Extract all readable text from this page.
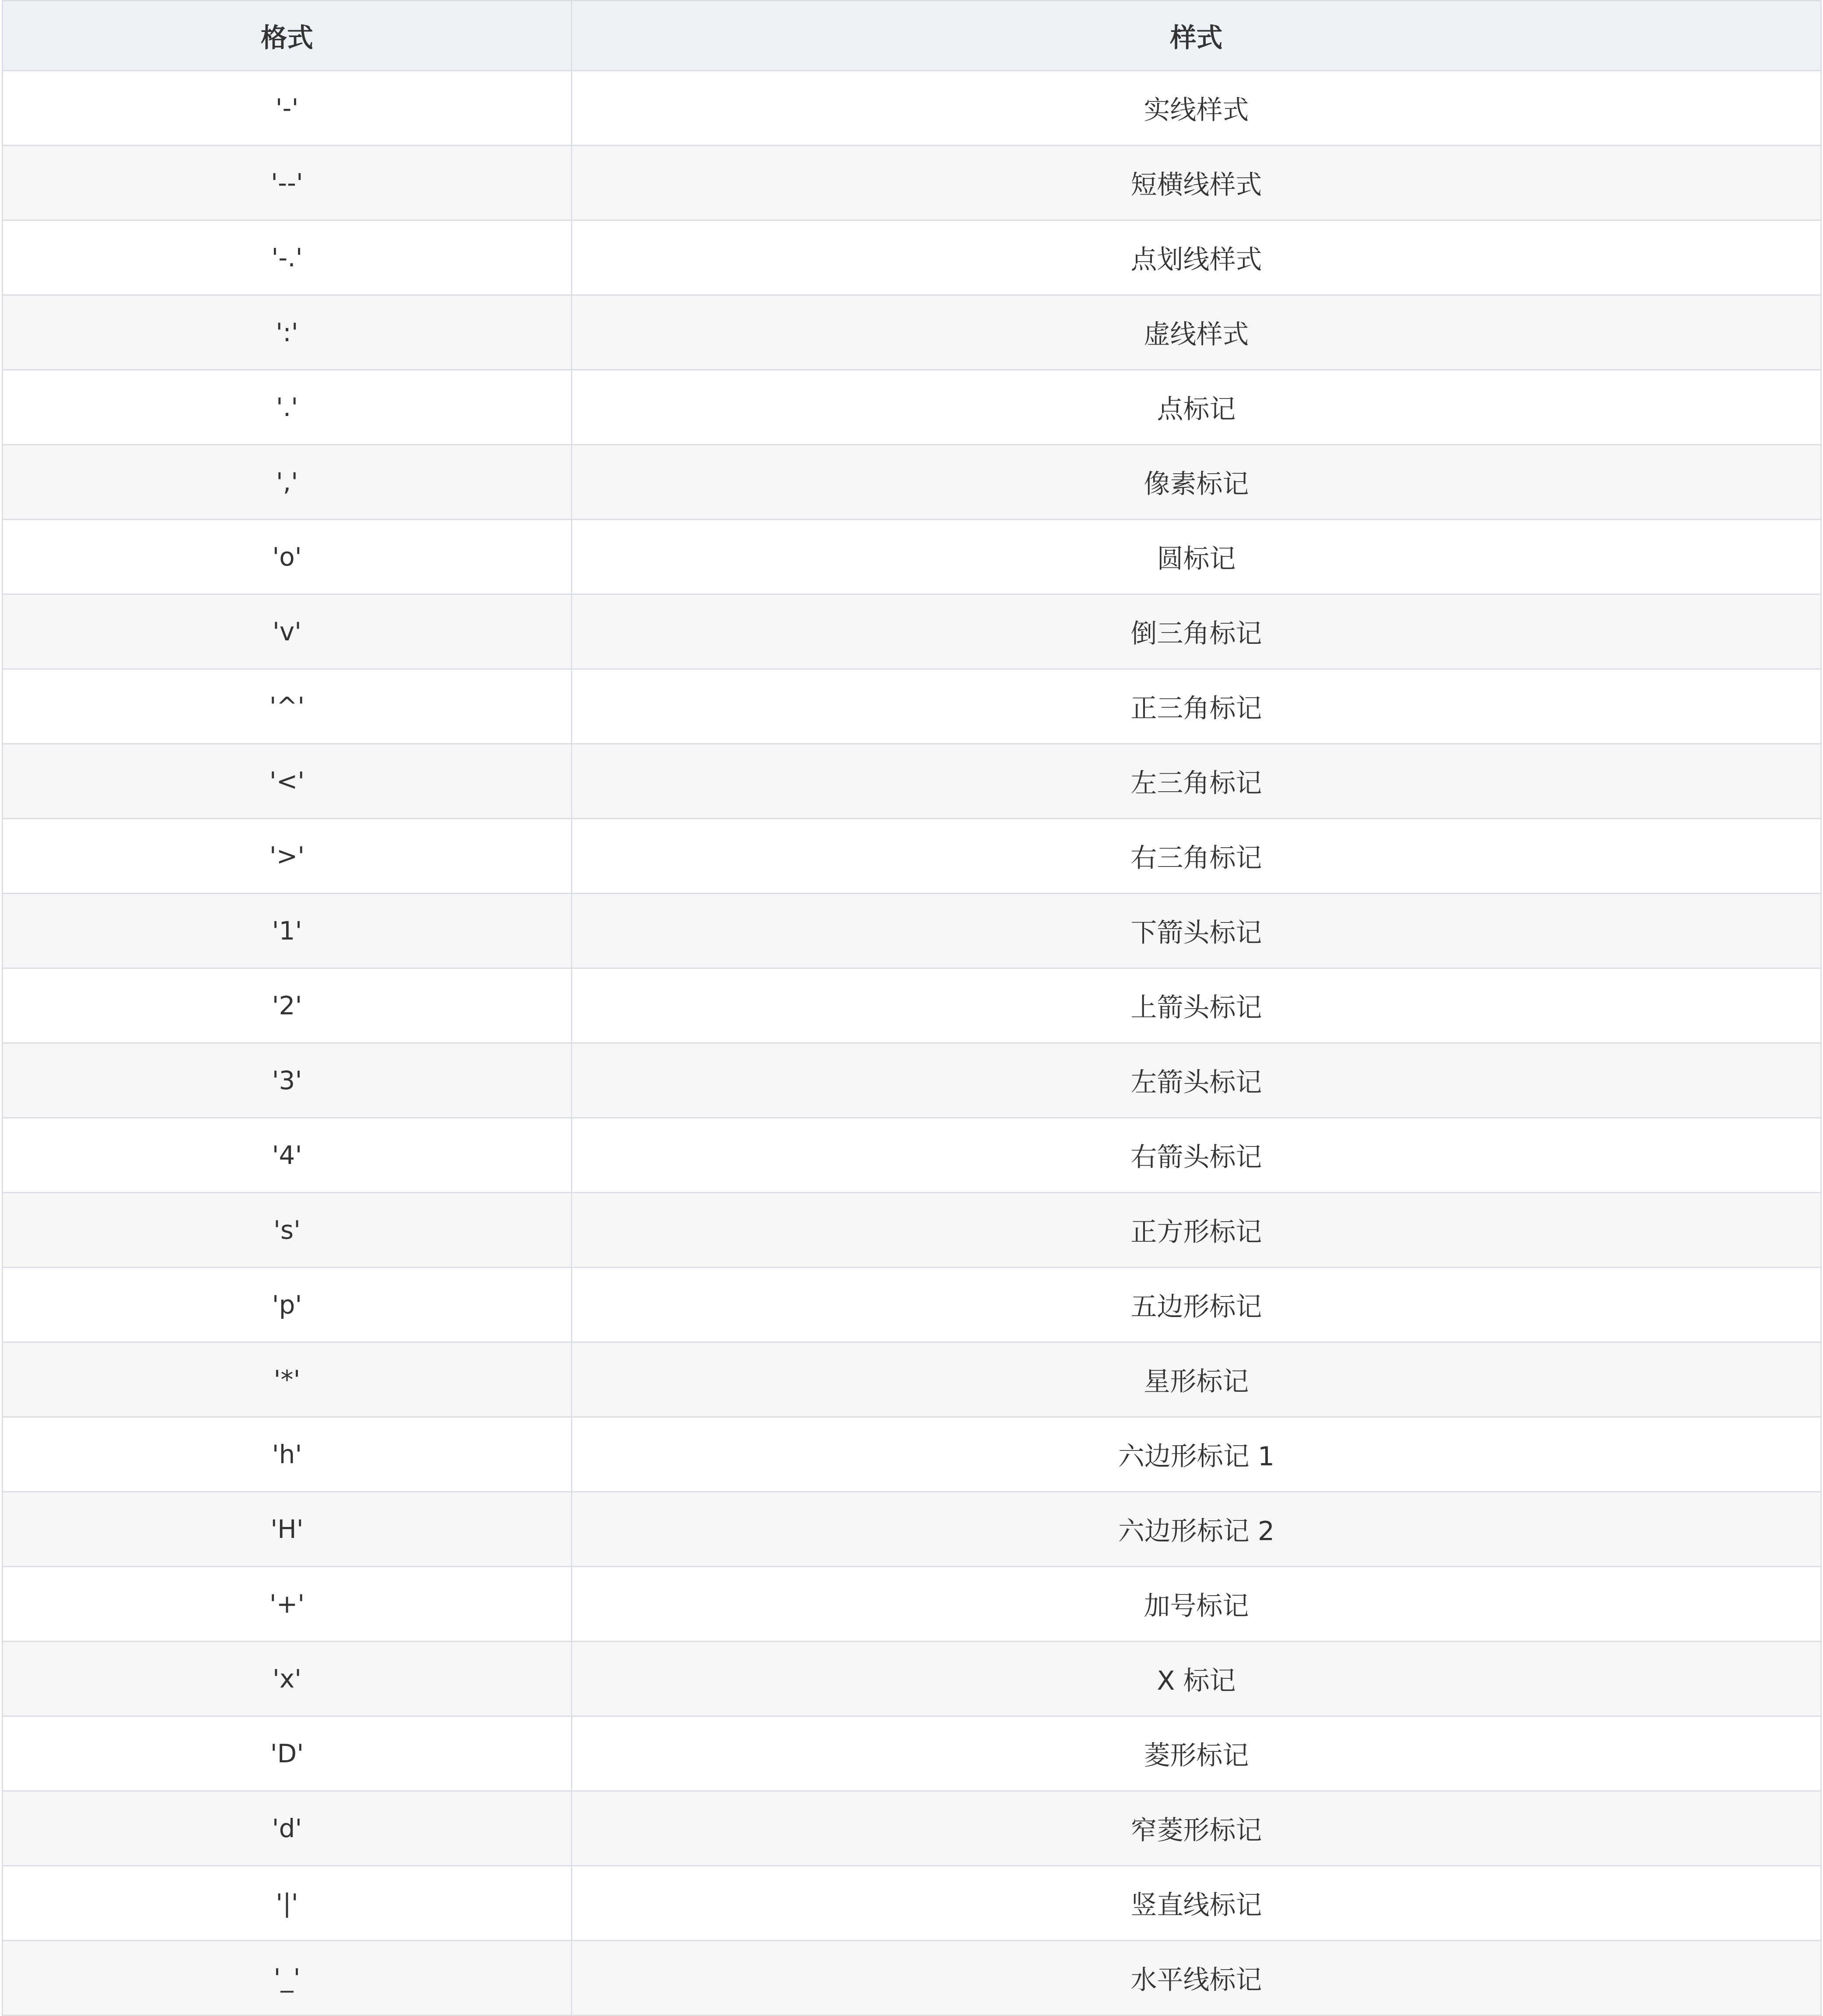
格式	样式
'-'	实线样式
'--'	短横线样式
'-.'	点划线样式
':'	虚线样式
'.'	点标记
','	像素标记
'o'	圆标记
'v'	倒三角标记
'^'	正三角标记
'<'	左三角标记
'>'	右三角标记
'1'	下箭头标记
'2'	上箭头标记
'3'	左箭头标记
'4'	右箭头标记
's'	正方形标记
'p'	五边形标记
'*'	星形标记
'h'	六边形标记 1
'H'	六边形标记 2
'+'	加号标记
'x'	X 标记
'D'	菱形标记
'd'	窄菱形标记
'|'	竖直线标记
'_'	水平线标记
